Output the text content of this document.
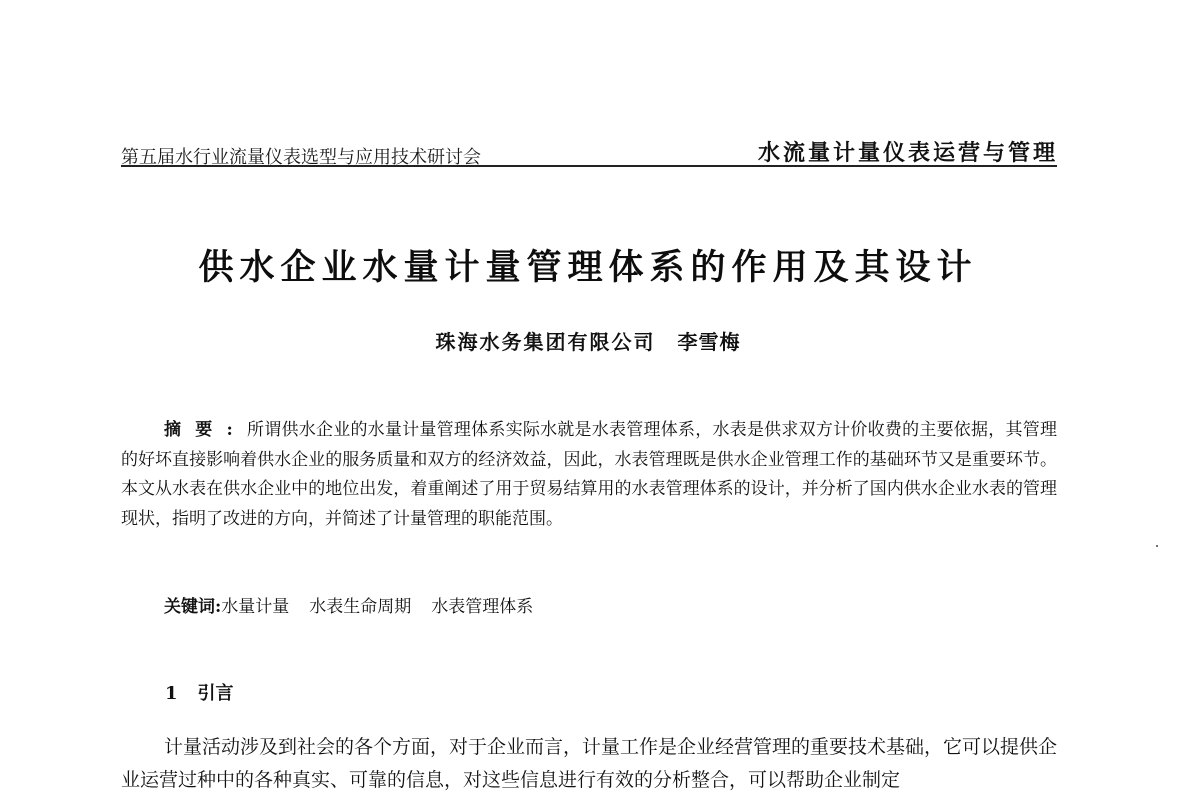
第五届水行业流量仪表选型与应用技术研讨会	水流量计量仪表运营与管理
供水企业水量计量管理体系的作用及其设计
珠海水务集团有限公司 李雪梅

摘要:所谓供水企业的水量计量管理体系实际水就是水表管理体系，水表是供求双方计价收费的主要依据，其管理的好坏直接影响着供水企业的服务质量和双方的经济效益，因此，水表管理既是供水企业管理工作的基础环节又是重要环节。本文从水表在供水企业中的地位出发，着重阐述了用于贸易结算用的水表管理体系的设计，并分析了国内供水企业水表的管理现状，指明了改进的方向，并简述了计量管理的职能范围。

关键词:水量计量 水表生命周期 水表管理体系
1 引言

计量活动涉及到社会的各个方面，对于企业而言，计量工作是企业经营管理的重要技术基础，它可以提供企业运营过种中的各种真实、可靠的信息，对这些信息进行有效的分析整合，可以帮助企业制定
